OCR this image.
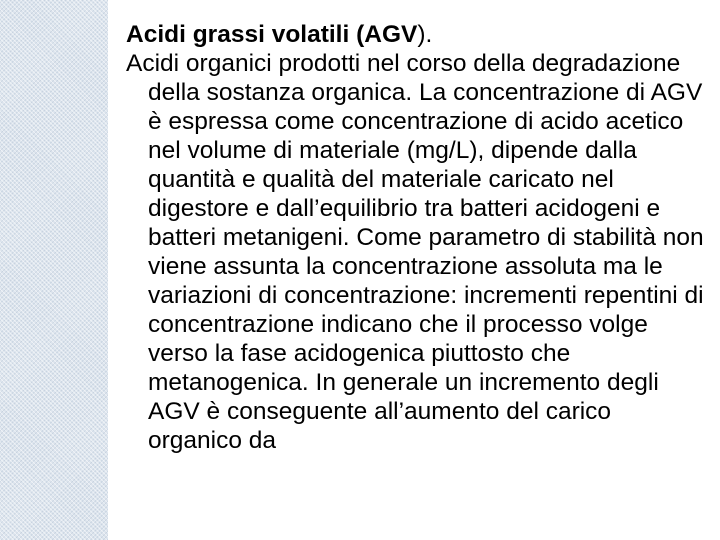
Acidi grassi volatili (AGV).

Acidi organici prodotti nel corso della degradazione della sostanza organica. La concentrazione di AGV è espressa come concentrazione di acido acetico nel volume di materiale (mg/L), dipende dalla quantità e qualità del materiale caricato nel digestore e dall’equilibrio tra batteri acidogeni e batteri metanigeni. Come parametro di stabilità non viene assunta la concentrazione assoluta ma le variazioni di concentrazione: incrementi repentini di concentrazione indicano che il processo volge verso la fase acidogenica piuttosto che metanogenica. In generale un incremento degli AGV è conseguente all’aumento del carico organico da
